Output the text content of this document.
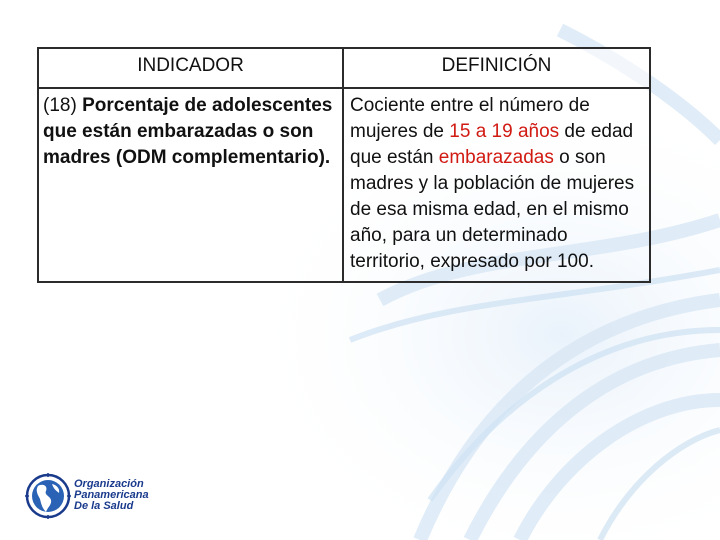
INDICADOR	DEFINICIÓN
(18) Porcentaje de adolescentes que están embarazadas o son madres (ODM complementario).	Cociente entre el número de mujeres de 15 a 19 años de edad que están embarazadas o son madres y la población de mujeres de esa misma edad, en el mismo año, para un determinado territorio, expresado por 100.
Organización
Panamericana
De la Salud
